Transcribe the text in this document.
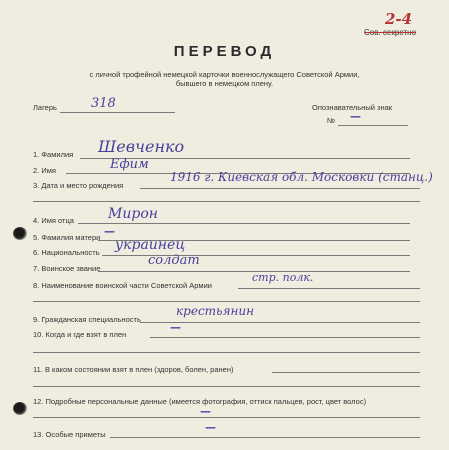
2-4
Сов. секретно
ПЕРЕВОД
с личной трофейной немецкой карточки военнослужащего Советской Армии,
бывшего в немецком плену.
Лагерь	318	Опознавательный знак
№ —
1. Фамилия Шевченко
2. Имя	Ефим
3. Дата и место рождения
1916 г. Киевская обл. Московки (станц.)
4. Имя отца Мирон
5. Фамилия матери —
6. Национальность украинец
7. Воинское звание
солдат
8. Наименование воинской части Советской Армии
стр. полк.
9. Гражданская специальность
крестьянин
10. Когда и где взят в плен
—
11. В каком состоянии взят в плен (здоров, болен, ранен)
12. Подробные персональные данные (имеется фотография, оттиск пальцев, рост, цвет волос)
—
13. Особые приметы
—
